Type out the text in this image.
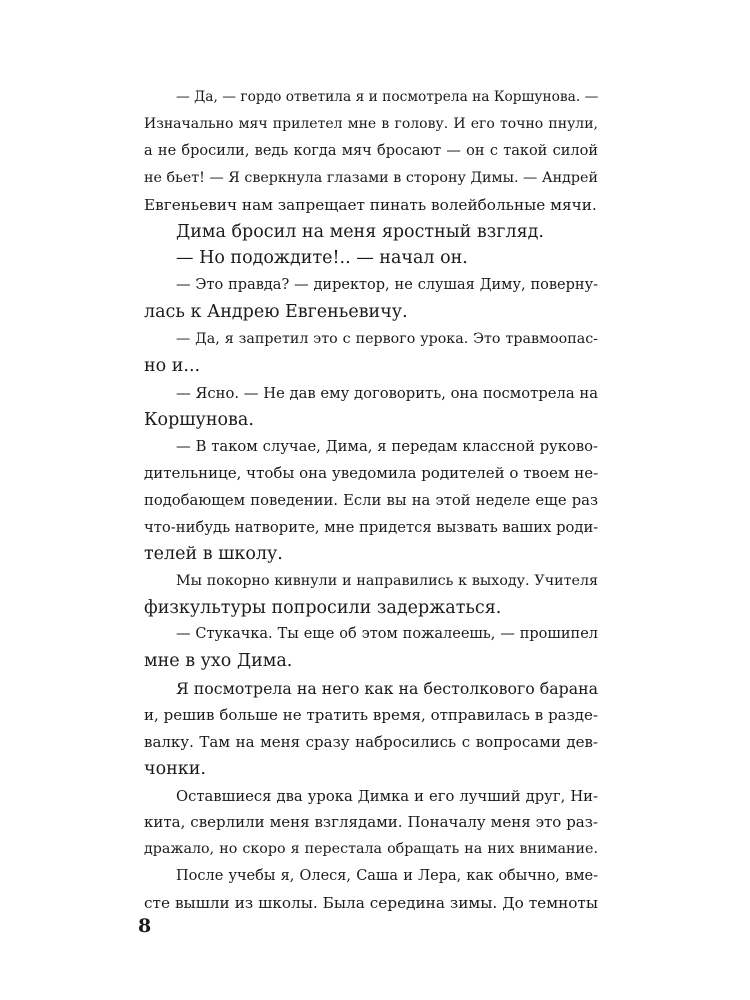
— Да, — гордо ответила я и посмотрела на Коршунова. —
Изначально мяч прилетел мне в голову. И его точно пнули,
а не бросили, ведь когда мяч бросают — он с такой силой
не бьет! — Я сверкнула глазами в сторону Димы. — Андрей
Евгеньевич нам запрещает пинать волейбольные мячи.
Дима бросил на меня яростный взгляд.
— Но подождите!.. — начал он.
— Это правда? — директор, не слушая Диму, поверну-
лась к Андрею Евгеньевичу.
— Да, я запретил это с первого урока. Это травмоопас-
но и...
— Ясно. — Не дав ему договорить, она посмотрела на
Коршунова.
— В таком случае, Дима, я передам классной руково-
дительнице, чтобы она уведомила родителей о твоем не-
подобающем поведении. Если вы на этой неделе еще раз
что-нибудь натворите, мне придется вызвать ваших роди-
телей в школу.
Мы покорно кивнули и направились к выходу. Учителя
физкультуры попросили задержаться.
— Стукачка. Ты еще об этом пожалеешь, — прошипел
мне в ухо Дима.
Я посмотрела на него как на бестолкового барана
и, решив больше не тратить время, отправилась в разде-
валку. Там на меня сразу набросились с вопросами дев-
чонки.
Оставшиеся два урока Димка и его лучший друг, Ни-
кита, сверлили меня взглядами. Поначалу меня это раз-
дражало, но скоро я перестала обращать на них внимание.
После учебы я, Олеся, Саша и Лера, как обычно, вме-
сте вышли из школы. Была середина зимы. До темноты
8
